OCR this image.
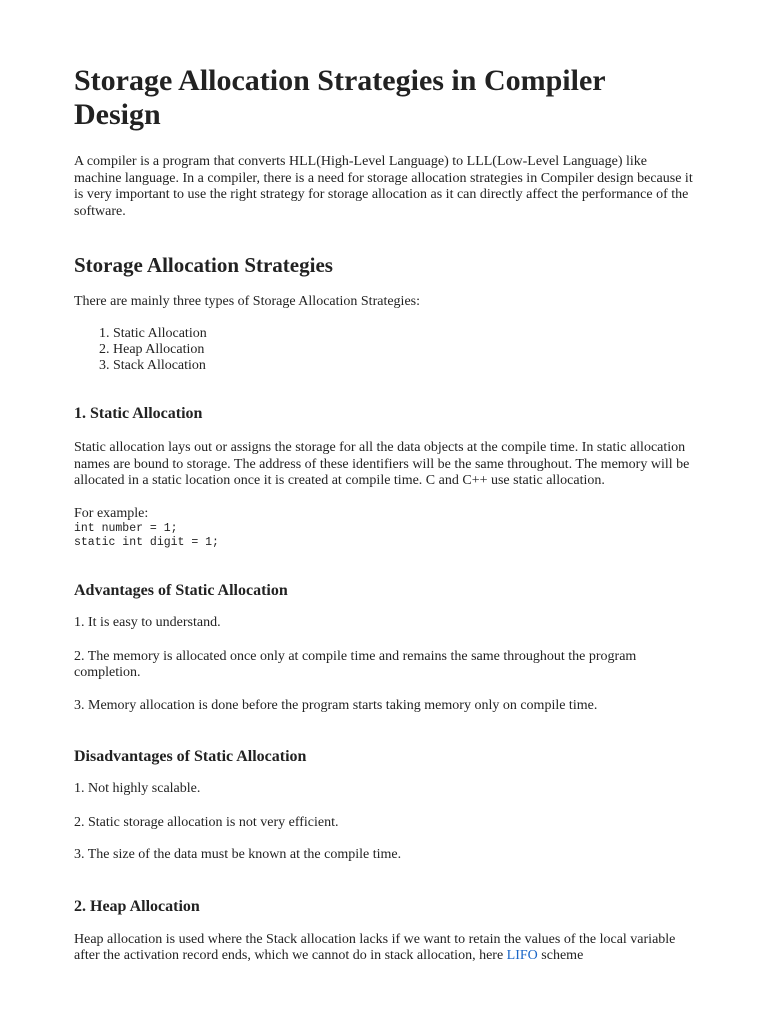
Storage Allocation Strategies in Compiler Design

A compiler is a program that converts HLL(High-Level Language) to LLL(Low-Level Language) like machine language. In a compiler, there is a need for storage allocation strategies in Compiler design because it is very important to use the right strategy for storage allocation as it can directly affect the performance of the software.

Storage Allocation Strategies

There are mainly three types of Storage Allocation Strategies:

1. Static Allocation
2. Heap Allocation
3. Stack Allocation
1. Static Allocation

Static allocation lays out or assigns the storage for all the data objects at the compile time. In static allocation names are bound to storage. The address of these identifiers will be the same throughout. The memory will be allocated in a static location once it is created at compile time. C and C++ use static allocation.

For example:

int number = 1;
static int digit = 1;
Advantages of Static Allocation

1. It is easy to understand.

2. The memory is allocated once only at compile time and remains the same throughout the program completion.

3. Memory allocation is done before the program starts taking memory only on compile time.

Disadvantages of Static Allocation

1. Not highly scalable.

2. Static storage allocation is not very efficient.

3. The size of the data must be known at the compile time.

2. Heap Allocation

Heap allocation is used where the Stack allocation lacks if we want to retain the values of the local variable after the activation record ends, which we cannot do in stack allocation, here LIFO scheme
